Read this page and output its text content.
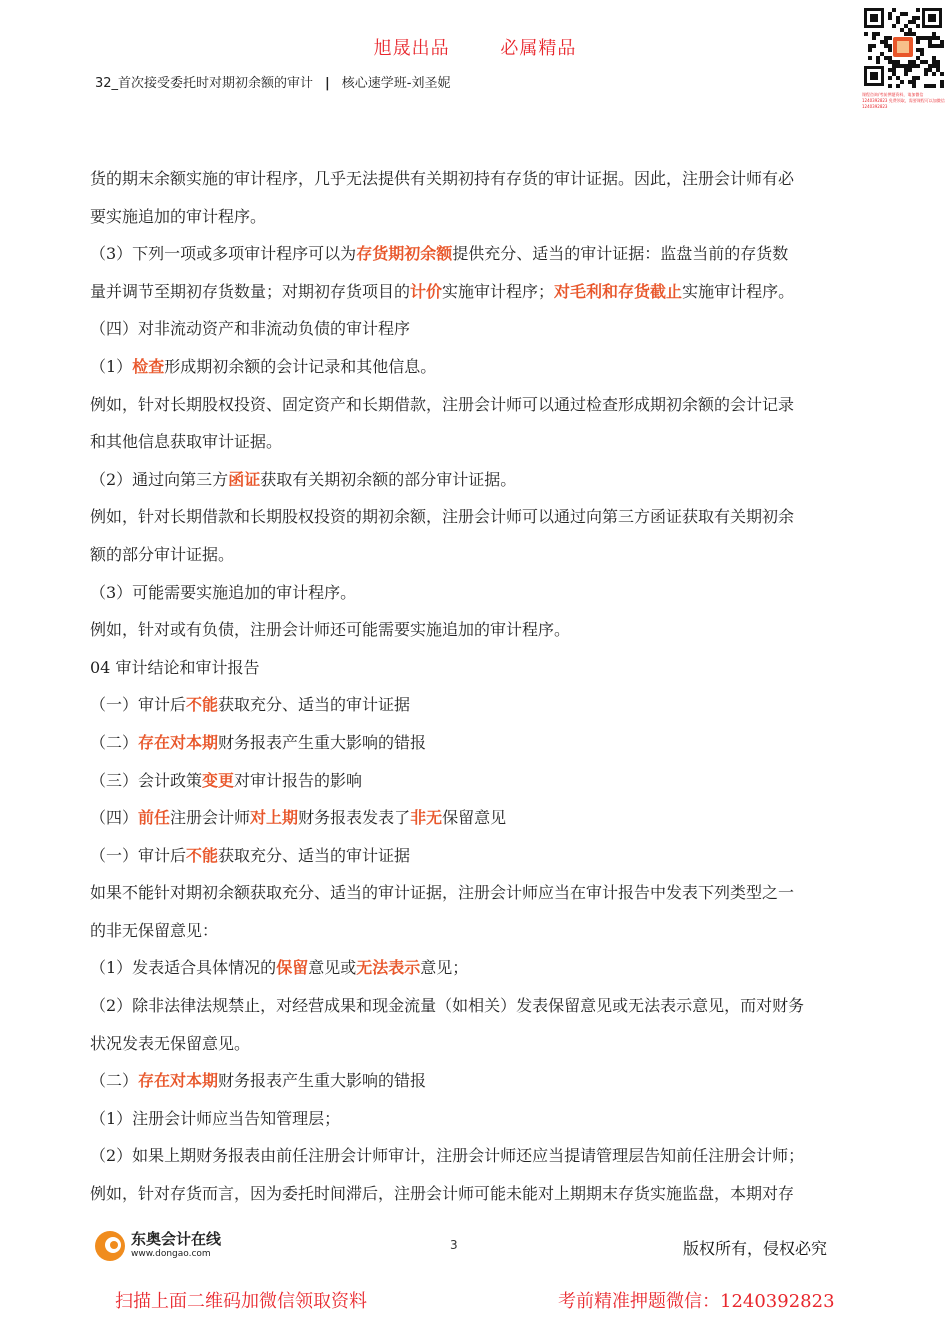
旭晟出品	必属精品
32_首次接受委托时对期初余额的审计 | 核心速学班-刘圣妮
课程咨询/考前押题资料，请加微信1240392823 免费领取，需要课程可以加微信1240392823
货的期末余额实施的审计程序，几乎无法提供有关期初持有存货的审计证据。因此，注册会计师有必
要实施追加的审计程序。
（3）下列一项或多项审计程序可以为存货期初余额提供充分、适当的审计证据：监盘当前的存货数
量并调节至期初存货数量；对期初存货项目的计价实施审计程序；对毛利和存货截止实施审计程序。
（四）对非流动资产和非流动负债的审计程序
（1）检查形成期初余额的会计记录和其他信息。
例如，针对长期股权投资、固定资产和长期借款，注册会计师可以通过检查形成期初余额的会计记录
和其他信息获取审计证据。
（2）通过向第三方函证获取有关期初余额的部分审计证据。
例如，针对长期借款和长期股权投资的期初余额，注册会计师可以通过向第三方函证获取有关期初余
额的部分审计证据。
（3）可能需要实施追加的审计程序。
例如，针对或有负债，注册会计师还可能需要实施追加的审计程序。
04 审计结论和审计报告
（一）审计后不能获取充分、适当的审计证据
（二）存在对本期财务报表产生重大影响的错报
（三）会计政策变更对审计报告的影响
（四）前任注册会计师对上期财务报表发表了非无保留意见
（一）审计后不能获取充分、适当的审计证据
如果不能针对期初余额获取充分、适当的审计证据，注册会计师应当在审计报告中发表下列类型之一
的非无保留意见：
（1）发表适合具体情况的保留意见或无法表示意见；
（2）除非法律法规禁止，对经营成果和现金流量（如相关）发表保留意见或无法表示意见，而对财务
状况发表无保留意见。
（二）存在对本期财务报表产生重大影响的错报
（1）注册会计师应当告知管理层；
（2）如果上期财务报表由前任注册会计师审计，注册会计师还应当提请管理层告知前任注册会计师；
例如，针对存货而言，因为委托时间滞后，注册会计师可能未能对上期期末存货实施监盘，本期对存
东奥会计在线
www.dongao.com
3	版权所有，侵权必究
扫描上面二维码加微信领取资料	考前精准押题微信：1240392823
